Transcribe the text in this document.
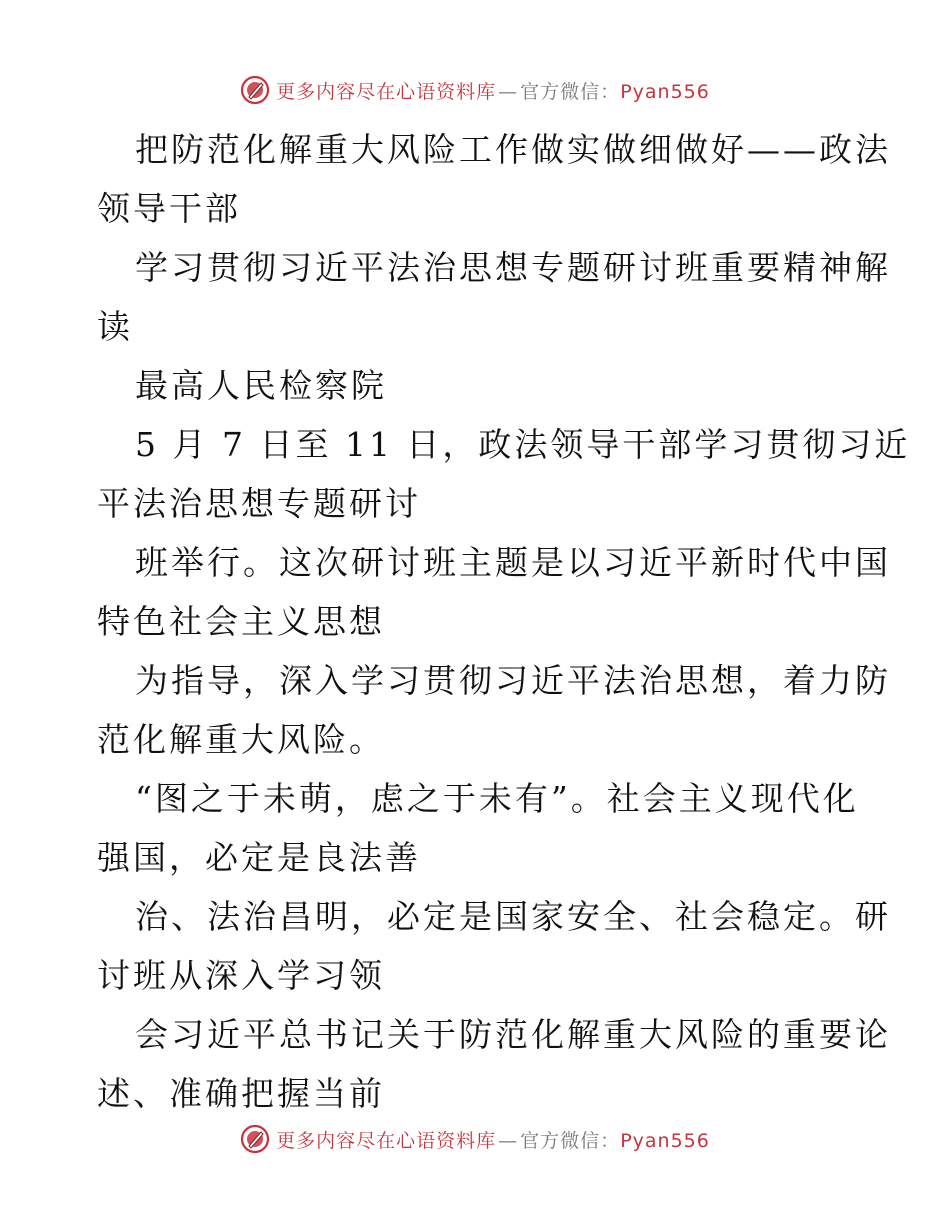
更多内容尽在心语资料库 — 官方微信：Pyan556

把防范化解重大风险工作做实做细做好——政法

领导干部

学习贯彻习近平法治思想专题研讨班重要精神解

读

最高人民检察院

5 月 7 日至 11 日，政法领导干部学习贯彻习近

平法治思想专题研讨

班举行。这次研讨班主题是以习近平新时代中国

特色社会主义思想

为指导，深入学习贯彻习近平法治思想，着力防

范化解重大风险。

“图之于未萌，虑之于未有”。社会主义现代化

强国，必定是良法善

治、法治昌明，必定是国家安全、社会稳定。研

讨班从深入学习领

会习近平总书记关于防范化解重大风险的重要论

述、准确把握当前

更多内容尽在心语资料库 — 官方微信：Pyan556
